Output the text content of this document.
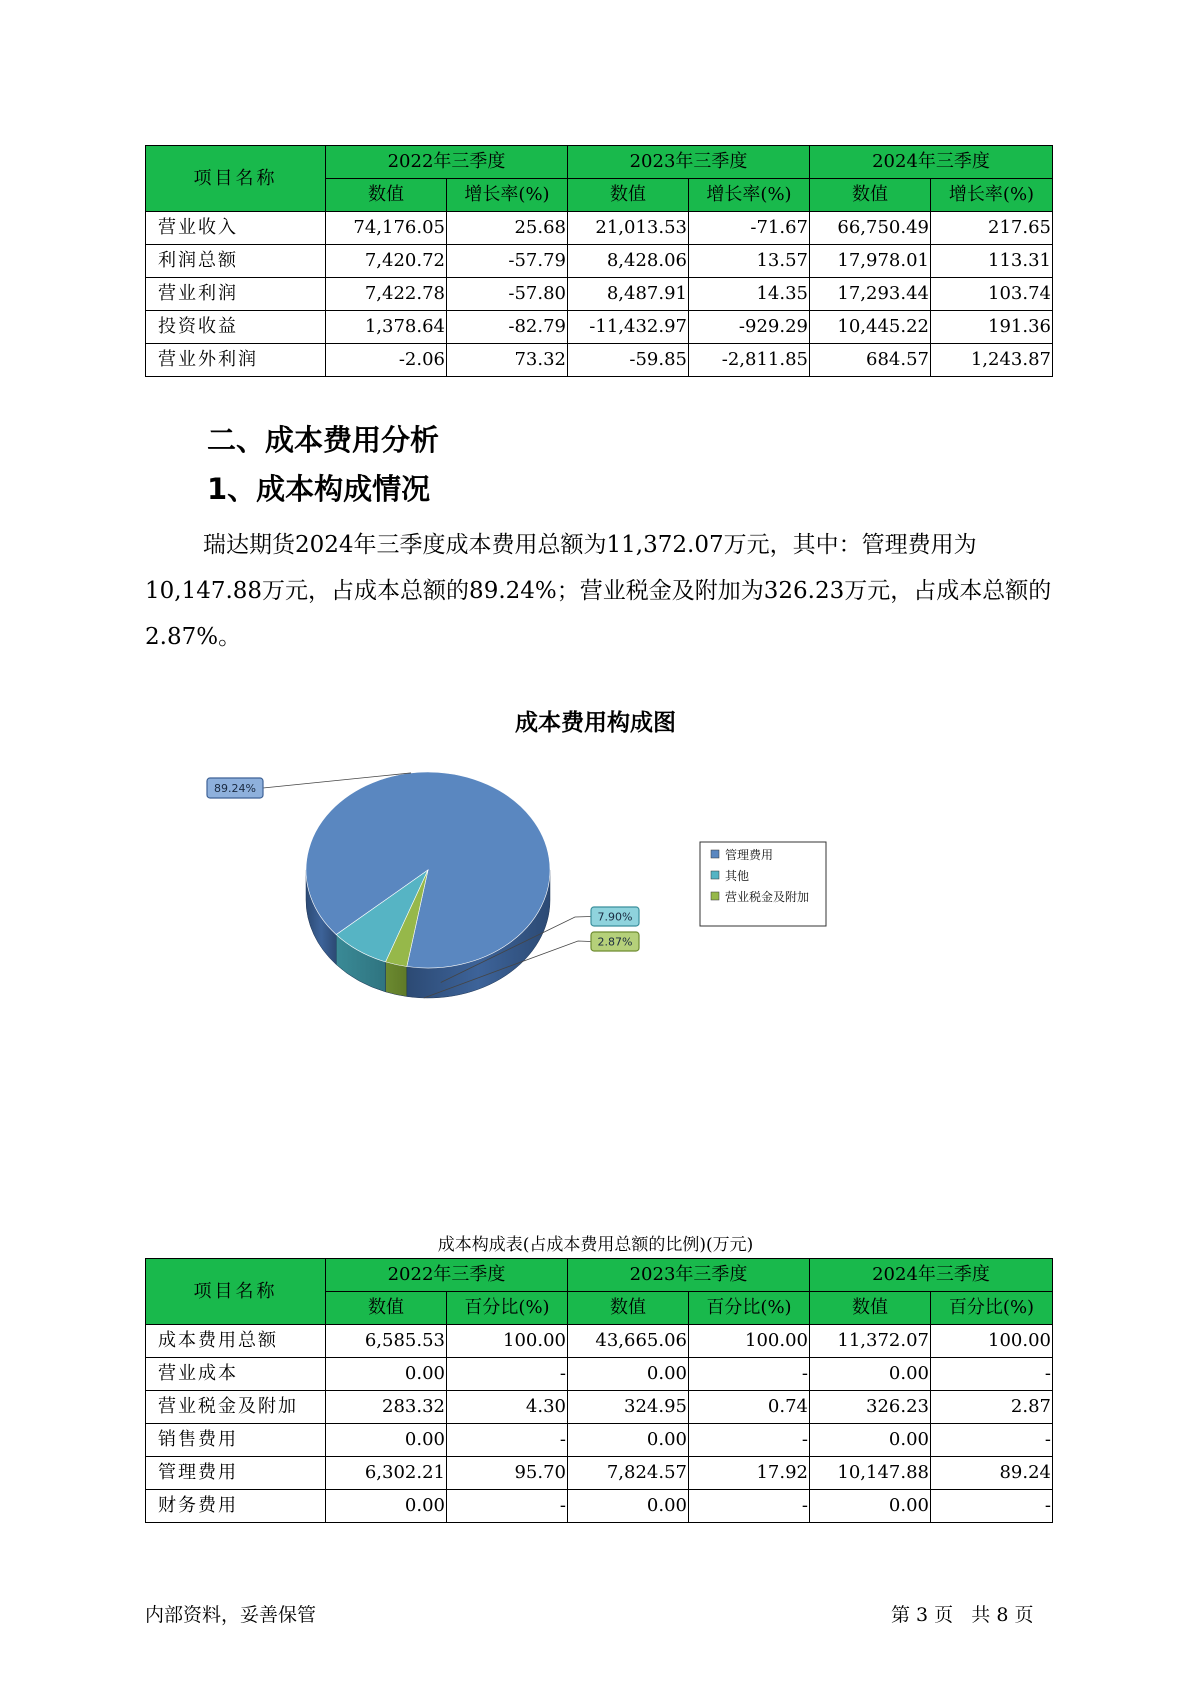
项目名称	2022年三季度		2023年三季度		2024年三季度	
	数值	增长率(%)	数值	增长率(%)	数值	增长率(%)
营业收入	74,176.05	25.68	21,013.53	-71.67	66,750.49	217.65
利润总额	7,420.72	-57.79	8,428.06	13.57	17,978.01	113.31
营业利润	7,422.78	-57.80	8,487.91	14.35	17,293.44	103.74
投资收益	1,378.64	-82.79	-11,432.97	-929.29	10,445.22	191.36
营业外利润	-2.06	73.32	-59.85	-2,811.85	684.57	1,243.87
二、成本费用分析
1、成本构成情况
瑞达期货2024年三季度成本费用总额为11,372.07万元，其中：管理费用为10,147.88万元，占成本总额的89.24%；营业税金及附加为326.23万元，占成本总额的2.87%。
成本费用构成图
89.24%
7.90%
2.87%
管理费用
其他
营业税金及附加
成本构成表(占成本费用总额的比例)(万元)
项目名称	2022年三季度		2023年三季度		2024年三季度	
	数值	百分比(%)	数值	百分比(%)	数值	百分比(%)
成本费用总额	6,585.53	100.00	43,665.06	100.00	11,372.07	100.00
营业成本	0.00	-	0.00	-	0.00	-
营业税金及附加	283.32	4.30	324.95	0.74	326.23	2.87
销售费用	0.00	-	0.00	-	0.00	-
管理费用	6,302.21	95.70	7,824.57	17.92	10,147.88	89.24
财务费用	0.00	-	0.00	-	0.00	-
内部资料，妥善保管	第 3 页   共 8 页
